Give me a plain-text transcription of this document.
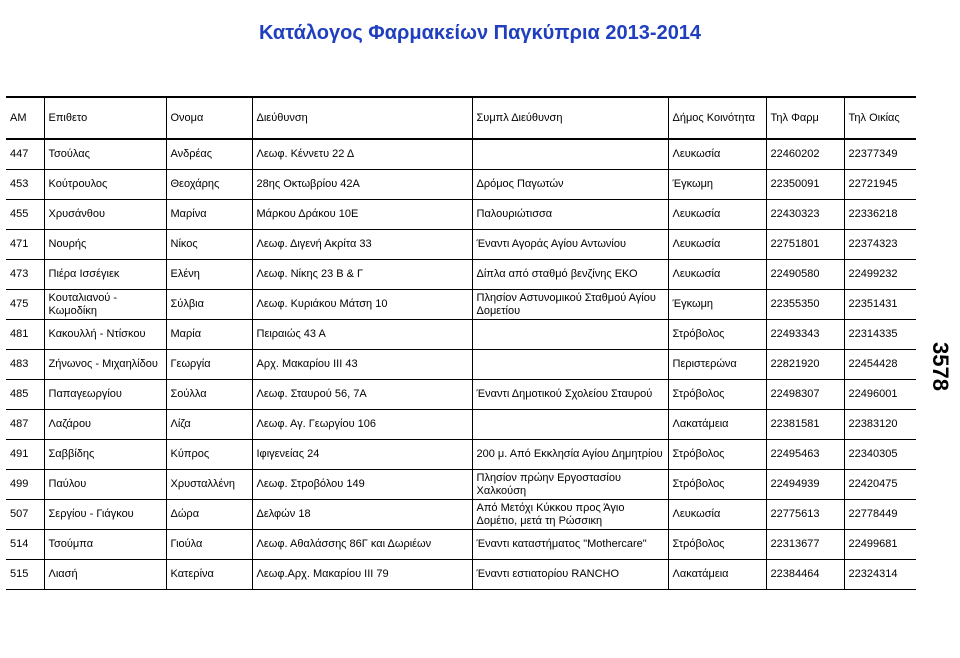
Κατάλογος Φαρμακείων Παγκύπρια 2013-2014
AM	Επιθετο	Ονομα	Διεύθυνση	Συμπλ Διεύθυνση	Δήμος Κοινότητα	Τηλ Φαρμ	Τηλ Οικίας
447	Τσούλας	Ανδρέας	Λεωφ. Κέννετυ 22 Δ		Λευκωσία	22460202	22377349
453	Κούτρουλος	Θεοχάρης	28ης Οκτωβρίου 42Α	Δρόμος Παγωτών	Έγκωμη	22350091	22721945
455	Χρυσάνθου	Μαρίνα	Μάρκου Δράκου 10Ε	Παλουριώτισσα	Λευκωσία	22430323	22336218
471	Νουρής	Νίκος	Λεωφ. Διγενή Ακρίτα 33	Έναντι Αγοράς Αγίου Αντωνίου	Λευκωσία	22751801	22374323
473	Πιέρα Ισσέγιεκ	Ελένη	Λεωφ. Νίκης 23 Β & Γ	Δίπλα από σταθμό βενζίνης ΕΚΟ	Λευκωσία	22490580	22499232
475	Κουταλιανού - Κωμοδίκη	Σύλβια	Λεωφ. Κυριάκου Μάτση 10	Πλησίον Αστυνομικού Σταθμού Αγίου Δομετίου	Έγκωμη	22355350	22351431
481	Κακουλλή - Ντίσκου	Μαρία	Πειραιώς 43 Α		Στρόβολος	22493343	22314335
483	Ζήνωνος - Μιχαηλίδου	Γεωργία	Αρχ. Μακαρίου ΙΙΙ 43		Περιστερώνα	22821920	22454428
485	Παπαγεωργίου	Σούλλα	Λεωφ. Σταυρού 56, 7Α	Έναντι Δημοτικού Σχολείου Σταυρού	Στρόβολος	22498307	22496001
487	Λαζάρου	Λίζα	Λεωφ. Αγ. Γεωργίου 106		Λακατάμεια	22381581	22383120
491	Σαββίδης	Κύπρος	Ιφιγενείας 24	200 μ. Από Εκκλησία Αγίου Δημητρίου	Στρόβολος	22495463	22340305
499	Παύλου	Χρυσταλλένη	Λεωφ. Στροβόλου 149	Πλησίον πρώην Εργοστασίου Χαλκούση	Στρόβολος	22494939	22420475
507	Σεργίου - Γιάγκου	Δώρα	Δελφών 18	Από Μετόχι Κύκκου προς Άγιο Δομέτιο, μετά τη Ρώσσικη	Λευκωσία	22775613	22778449
514	Τσούμπα	Γιούλα	Λεωφ. Αθαλάσσης 86Γ και Δωριέων	Έναντι καταστήματος "Mothercare"	Στρόβολος	22313677	22499681
515	Λιασή	Κατερίνα	Λεωφ.Αρχ. Μακαρίου ΙΙΙ 79	Έναντι εστιατορίου RANCHO	Λακατάμεια	22384464	22324314
3578
